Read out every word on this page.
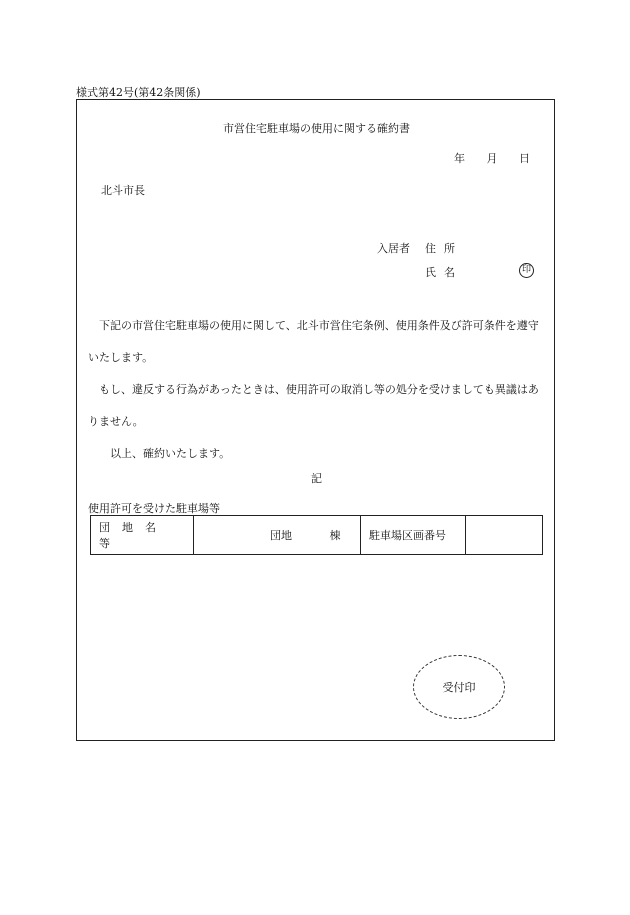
様式第42号(第42条関係)
市営住宅駐車場の使用に関する確約書
年 月 日
北斗市長
入居者 住所
氏名	印

下記の市営住宅駐車場の使用に関して、北斗市営住宅条例、使用条件及び許可条件を遵守いたします。

もし、違反する行為があったときは、使用許可の取消し等の処分を受けましても異議はありません。

以上、確約いたします。

記
使用許可を受けた駐車場等
団地名等	団地	棟	駐車場区画番号	
受付印
